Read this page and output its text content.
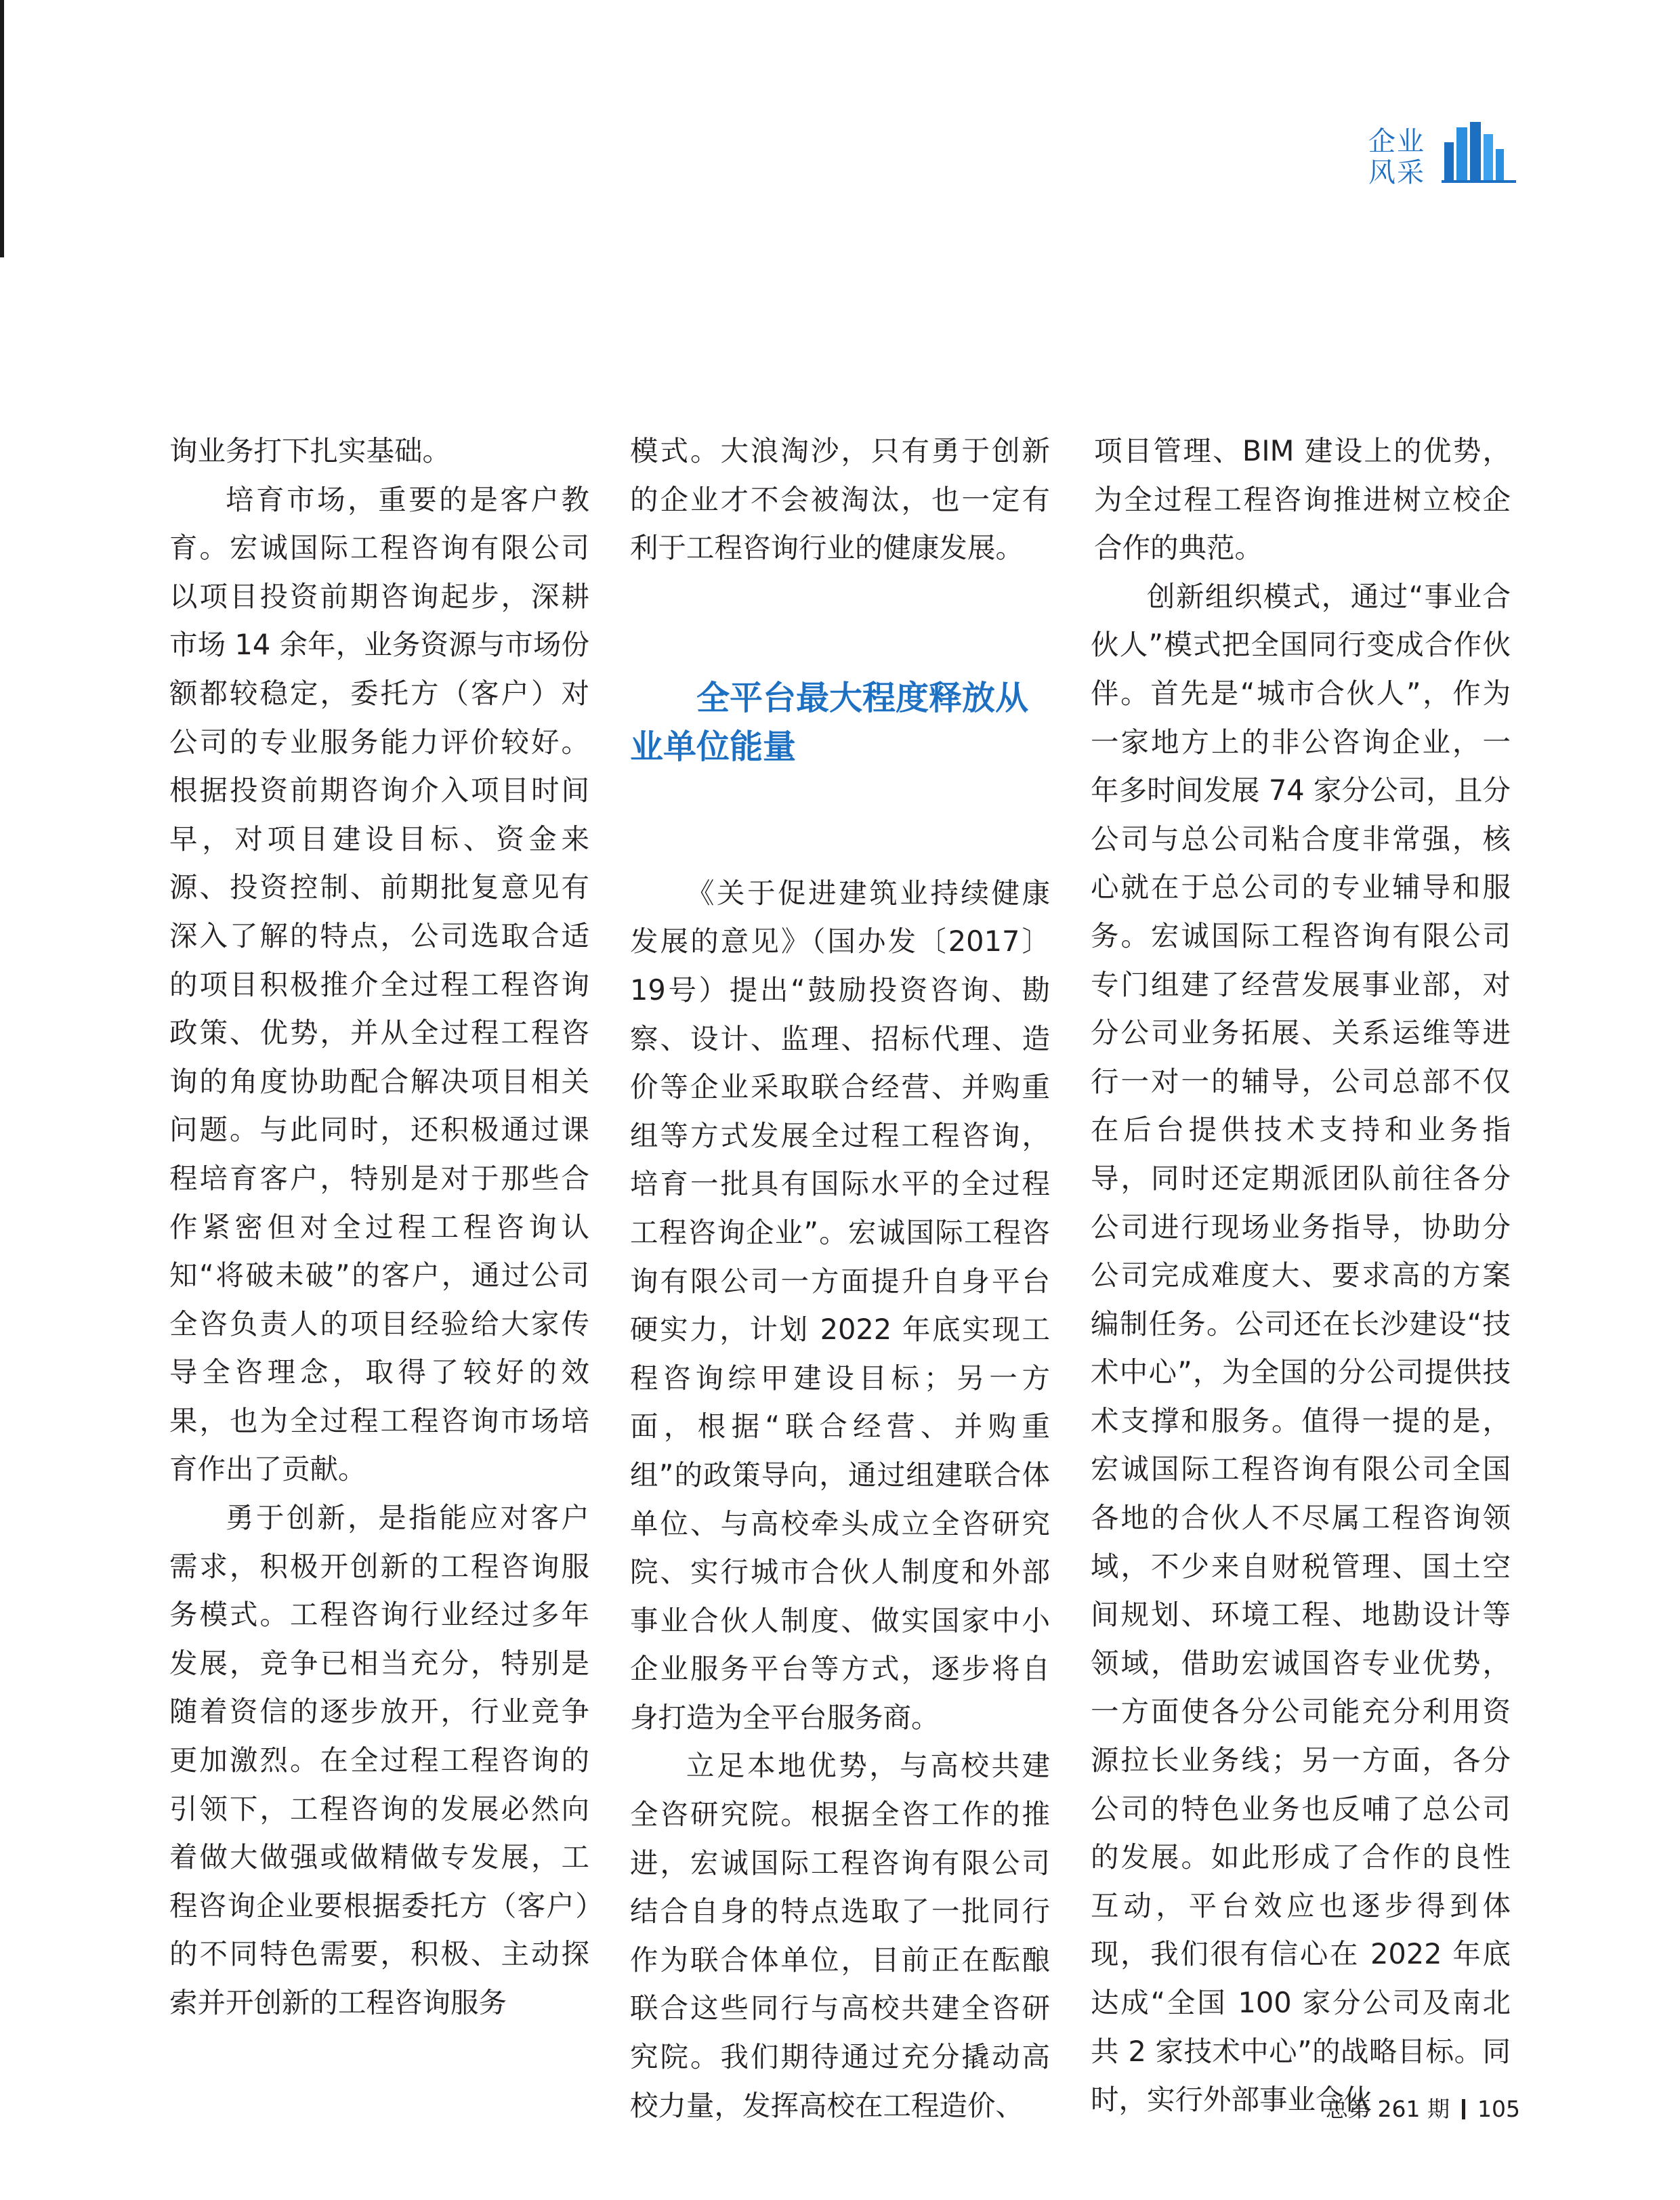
企业
风采

询业务打下扎实基础。

培育市场，重要的是客户教育。宏诚国际工程咨询有限公司以项目投资前期咨询起步，深耕市场 14 余年，业务资源与市场份额都较稳定，委托方（客户）对公司的专业服务能力评价较好。根据投资前期咨询介入项目时间早，对项目建设目标、资金来源、投资控制、前期批复意见有深入了解的特点，公司选取合适的项目积极推介全过程工程咨询政策、优势，并从全过程工程咨询的角度协助配合解决项目相关问题。与此同时，还积极通过课程培育客户，特别是对于那些合作紧密但对全过程工程咨询认知“将破未破”的客户，通过公司全咨负责人的项目经验给大家传导全咨理念，取得了较好的效果，也为全过程工程咨询市场培育作出了贡献。

勇于创新，是指能应对客户需求，积极开创新的工程咨询服务模式。工程咨询行业经过多年发展，竞争已相当充分，特别是随着资信的逐步放开，行业竞争更加激烈。在全过程工程咨询的引领下，工程咨询的发展必然向着做大做强或做精做专发展，工程咨询企业要根据委托方（客户）的不同特色需要，积极、主动探索并开创新的工程咨询服务

模式。大浪淘沙，只有勇于创新的企业才不会被淘汰，也一定有利于工程咨询行业的健康发展。

全平台最大程度释放从业单位能量

《关于促进建筑业持续健康发展的意见》（国办发〔2017〕19号）提出“鼓励投资咨询、勘察、设计、监理、招标代理、造价等企业采取联合经营、并购重组等方式发展全过程工程咨询，培育一批具有国际水平的全过程工程咨询企业”。宏诚国际工程咨询有限公司一方面提升自身平台硬实力，计划 2022 年底实现工程咨询综甲建设目标；另一方面，根据“联合经营、并购重组”的政策导向，通过组建联合体单位、与高校牵头成立全咨研究院、实行城市合伙人制度和外部事业合伙人制度、做实国家中小企业服务平台等方式，逐步将自身打造为全平台服务商。

立足本地优势，与高校共建全咨研究院。根据全咨工作的推进，宏诚国际工程咨询有限公司结合自身的特点选取了一批同行作为联合体单位，目前正在酝酿联合这些同行与高校共建全咨研究院。我们期待通过充分撬动高校力量，发挥高校在工程造价、

项目管理、BIM 建设上的优势，为全过程工程咨询推进树立校企合作的典范。

创新组织模式，通过“事业合伙人”模式把全国同行变成合作伙伴。首先是“城市合伙人”，作为一家地方上的非公咨询企业，一年多时间发展 74 家分公司，且分公司与总公司粘合度非常强，核心就在于总公司的专业辅导和服务。宏诚国际工程咨询有限公司专门组建了经营发展事业部，对分公司业务拓展、关系运维等进行一对一的辅导，公司总部不仅在后台提供技术支持和业务指导，同时还定期派团队前往各分公司进行现场业务指导，协助分公司完成难度大、要求高的方案编制任务。公司还在长沙建设“技术中心”，为全国的分公司提供技术支撑和服务。值得一提的是，宏诚国际工程咨询有限公司全国各地的合伙人不尽属工程咨询领域，不少来自财税管理、国土空间规划、环境工程、地勘设计等领域，借助宏诚国咨专业优势，一方面使各分公司能充分利用资源拉长业务线；另一方面，各分公司的特色业务也反哺了总公司的发展。如此形成了合作的良性互动，平台效应也逐步得到体现，我们很有信心在 2022 年底达成“全国 100 家分公司及南北共 2 家技术中心”的战略目标。同时，实行外部事业合伙

总第 261 期 105
